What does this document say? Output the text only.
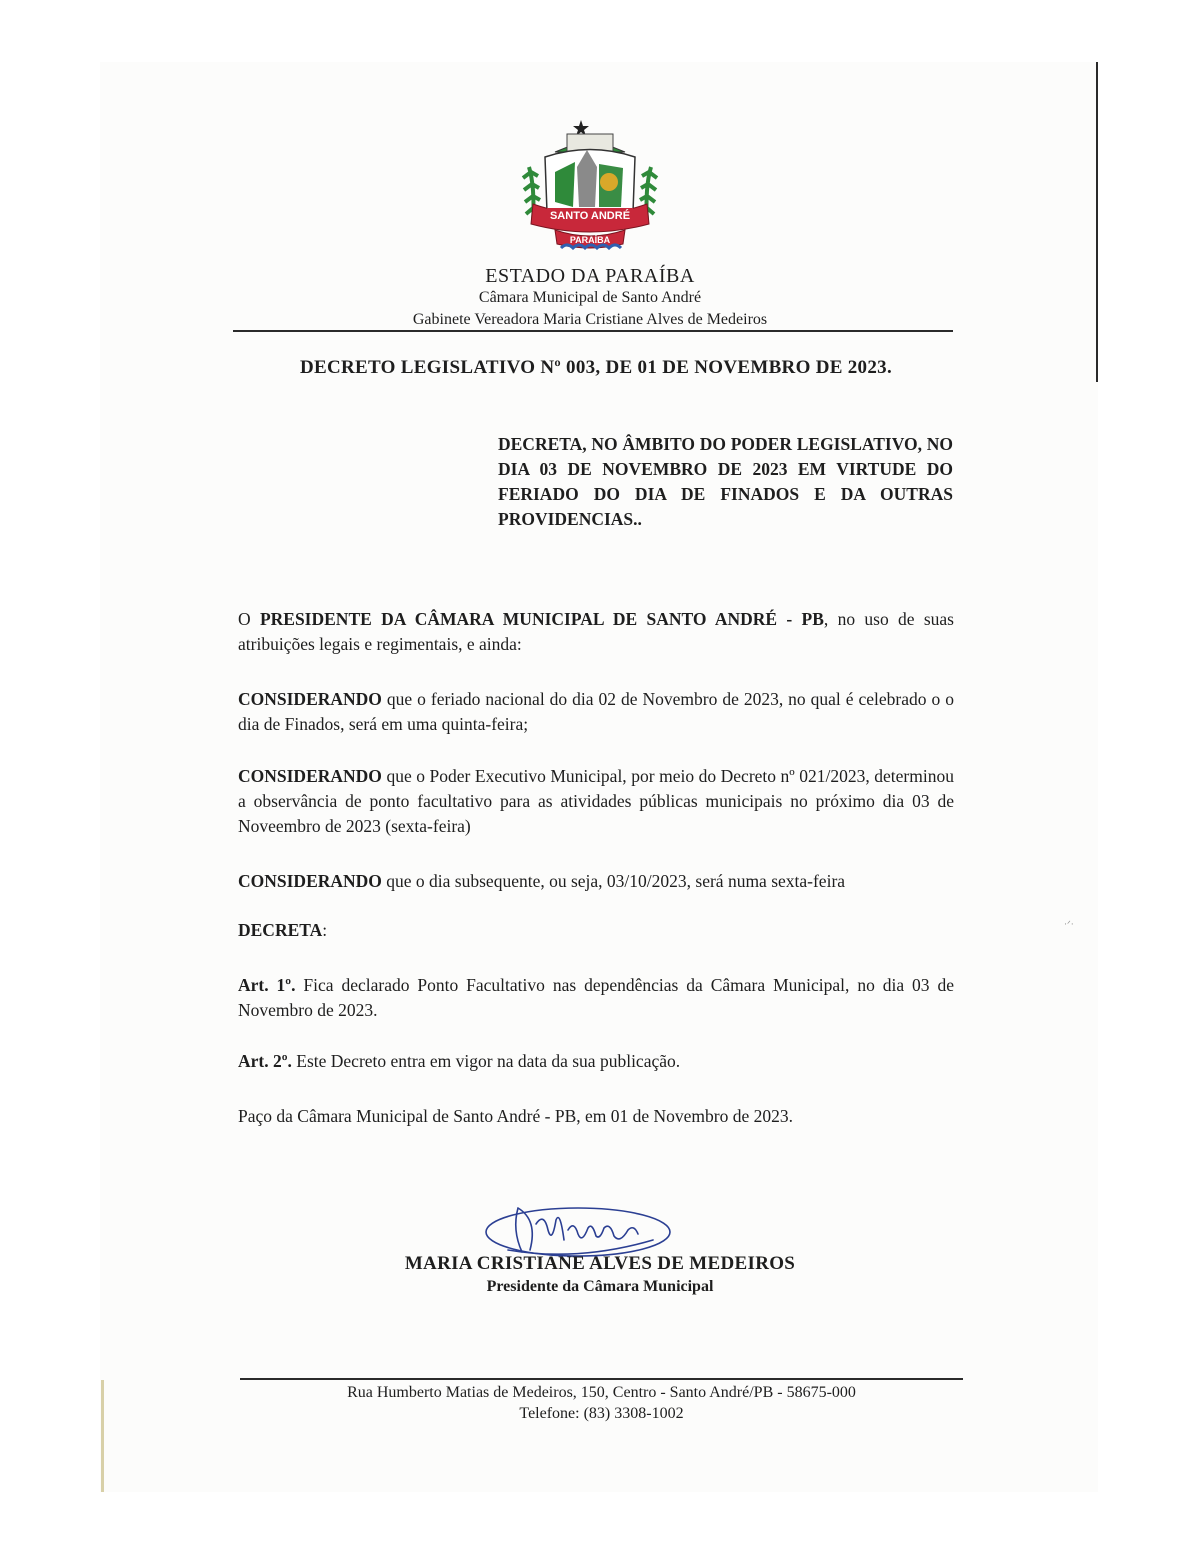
SANTO ANDRÉ
PARAÍBA
ESTADO DA PARAÍBA
Câmara Municipal de Santo André
Gabinete Vereadora Maria Cristiane Alves de Medeiros
DECRETO LEGISLATIVO Nº 003, DE 01 DE NOVEMBRO DE 2023.
DECRETA, NO ÂMBITO DO PODER LEGISLATIVO, NO DIA 03 DE NOVEMBRO DE 2023 EM VIRTUDE DO FERIADO DO DIA DE FINADOS E DA OUTRAS PROVIDENCIAS..
O PRESIDENTE DA CÂMARA MUNICIPAL DE SANTO ANDRÉ - PB, no uso de suas atribuições legais e regimentais, e ainda:
CONSIDERANDO que o feriado nacional do dia 02 de Novembro de 2023, no qual é celebrado o o dia de Finados, será em uma quinta-feira;
CONSIDERANDO que o Poder Executivo Municipal, por meio do Decreto nº 021/2023, determinou a observância de ponto facultativo para as atividades públicas municipais no próximo dia 03 de Noveembro de 2023 (sexta-feira)
CONSIDERANDO que o dia subsequente, ou seja, 03/10/2023, será numa sexta-feira
DECRETA:
Art. 1º. Fica declarado Ponto Facultativo nas dependências da Câmara Municipal, no dia 03 de Novembro de 2023.
Art. 2º. Este Decreto entra em vigor na data da sua publicação.
Paço da Câmara Municipal de Santo André - PB, em 01 de Novembro de 2023.
MARIA CRISTIANE ALVES DE MEDEIROS
Presidente da Câmara Municipal
Rua Humberto Matias de Medeiros, 150, Centro - Santo André/PB - 58675-000
Telefone: (83) 3308-1002
·ᐟ·
